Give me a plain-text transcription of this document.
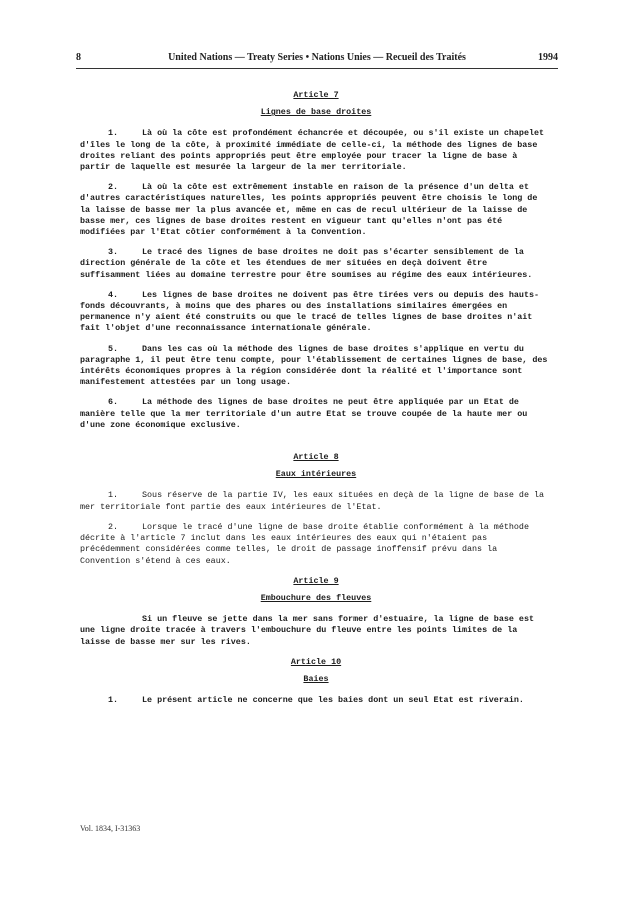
8	United Nations — Treaty Series • Nations Unies — Recueil des Traités	1994
Article 7
Lignes de base droites

1.	Là où la côte est profondément échancrée et découpée, ou s'il existe un chapelet d'îles le long de la côte, à proximité immédiate de celle-ci, la méthode des lignes de base droites reliant des points appropriés peut être employée pour tracer la ligne de base à partir de laquelle est mesurée la largeur de la mer territoriale.

2.	Là où la côte est extrêmement instable en raison de la présence d'un delta et d'autres caractéristiques naturelles, les points appropriés peuvent être choisis le long de la laisse de basse mer la plus avancée et, même en cas de recul ultérieur de la laisse de basse mer, ces lignes de base droites restent en vigueur tant qu'elles n'ont pas été modifiées par l'Etat côtier conformément à la Convention.

3.	Le tracé des lignes de base droites ne doit pas s'écarter sensiblement de la direction générale de la côte et les étendues de mer situées en deçà doivent être suffisamment liées au domaine terrestre pour être soumises au régime des eaux intérieures.

4.	Les lignes de base droites ne doivent pas être tirées vers ou depuis des hauts-fonds découvrants, à moins que des phares ou des installations similaires émergées en permanence n'y aient été construits ou que le tracé de telles lignes de base droites n'ait fait l'objet d'une reconnaissance internationale générale.

5.	Dans les cas où la méthode des lignes de base droites s'applique en vertu du paragraphe 1, il peut être tenu compte, pour l'établissement de certaines lignes de base, des intérêts économiques propres à la région considérée dont la réalité et l'importance sont manifestement attestées par un long usage.

6.	La méthode des lignes de base droites ne peut être appliquée par un Etat de manière telle que la mer territoriale d'un autre Etat se trouve coupée de la haute mer ou d'une zone économique exclusive.

Article 8
Eaux intérieures

1.	Sous réserve de la partie IV, les eaux situées en deçà de la ligne de base de la mer territoriale font partie des eaux intérieures de l'Etat.

2.	Lorsque le tracé d'une ligne de base droite établie conformément à la méthode décrite à l'article 7 inclut dans les eaux intérieures des eaux qui n'étaient pas précédemment considérées comme telles, le droit de passage inoffensif prévu dans la Convention s'étend à ces eaux.

Article 9
Embouchure des fleuves

Si un fleuve se jette dans la mer sans former d'estuaire, la ligne de base est une ligne droite tracée à travers l'embouchure du fleuve entre les points limites de la laisse de basse mer sur les rives.

Article 10
Baies

1.	Le présent article ne concerne que les baies dont un seul Etat est riverain.

Vol. 1834, I-31363
